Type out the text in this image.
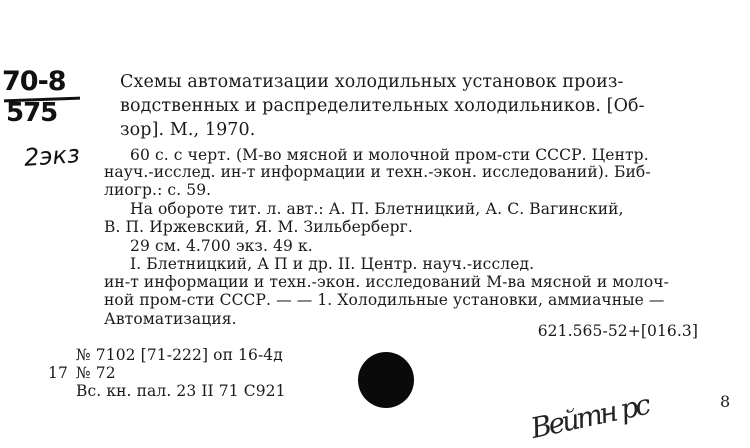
70-8
575
2экз
Схемы автоматизации холодильных установок произ-
водственных и распределительных холодильников. [Об-
зор]. М., 1970.
60 с. с черт. (М-во мясной и молочной пром-сти СССР. Центр.
науч.-исслед. ин-т информации и техн.-экон. исследований). Биб-
лиогр.: с. 59.
На обороте тит. л. авт.: А. П. Блетницкий, А. С. Вагинский,
В. П. Иржевский, Я. М. Зильберберг.
29 см. 4.700 экз. 49 к.
I. Блетницкий, А П и др. II. Центр. науч.-исслед.
ин-т информации и техн.-экон. исследований М-ва мясной и молоч-
ной пром-сти СССР. — — 1. Холодильные установки, аммиачные —
Автоматизация.
621.565-52+[016.3]
№ 7102 [71-222] оп 16-4д
17 № 72
Вс. кн. пал. 23 II 71 С921	Вейтн рс	8
